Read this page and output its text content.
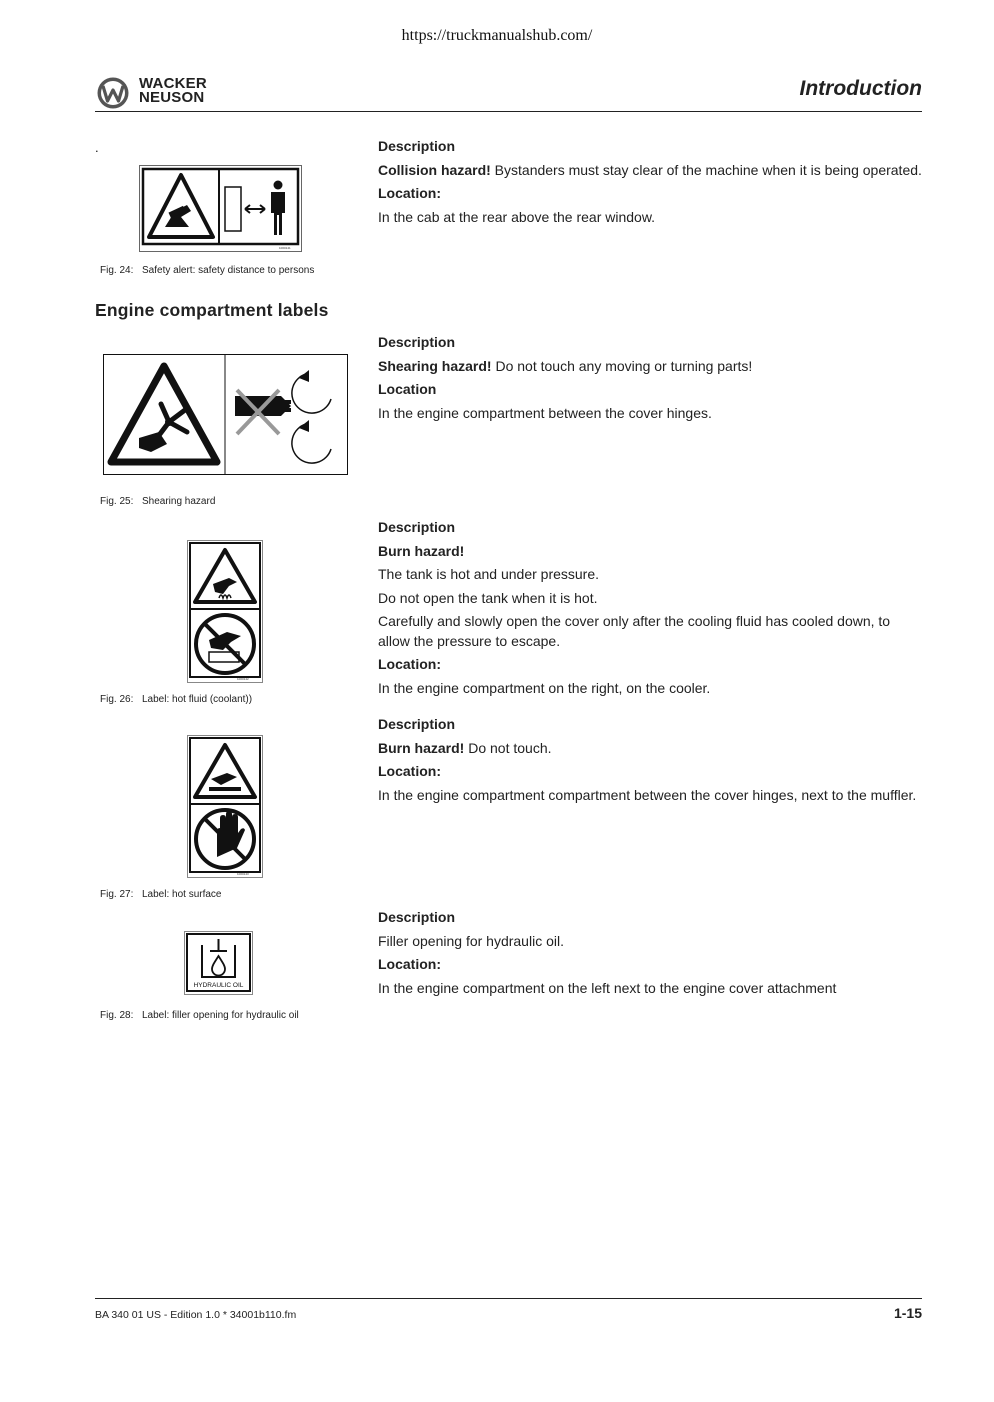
https://truckmanualshub.com/
WACKER
NEUSON	Introduction
.
1000141
Fig. 24: Safety alert: safety distance to persons

Description

Collision hazard! Bystanders must stay clear of the machine when it is being operated.

Location:

In the cab at the rear above the rear window.

Engine compartment labels
Fig. 25: Shearing hazard

Description

Shearing hazard! Do not touch any moving or turning parts!

Location

In the engine compartment between the cover hinges.

1000142
Fig. 26: Label: hot fluid (coolant))

Description

Burn hazard!

The tank is hot and under pressure.

Do not open the tank when it is hot.

Carefully and slowly open the cover only after the cooling fluid has cooled down, to allow the pressure to escape.

Location:

In the engine compartment on the right, on the cooler.

1000143
Fig. 27: Label: hot surface

Description

Burn hazard! Do not touch.

Location:

In the engine compartment compartment between the cover hinges, next to the muffler.

HYDRAULIC OIL
Fig. 28: Label: filler opening for hydraulic oil

Description

Filler opening for hydraulic oil.

Location:

In the engine compartment on the left next to the engine cover attachment

BA 340 01 US - Edition 1.0 * 34001b110.fm	1-15
